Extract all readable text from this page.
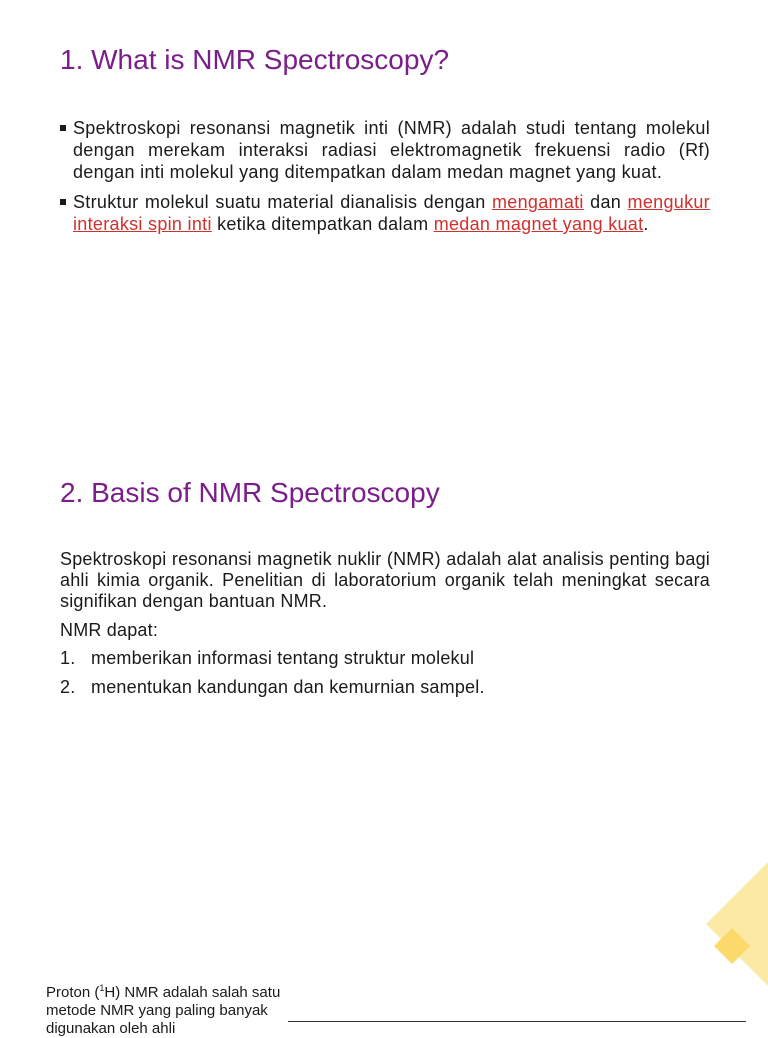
1. What is NMR Spectroscopy?
Spektroskopi resonansi magnetik inti (NMR) adalah studi tentang molekul dengan merekam interaksi radiasi elektromagnetik frekuensi radio (Rf) dengan inti molekul yang ditempatkan dalam medan magnet yang kuat.
Struktur molekul suatu material dianalisis dengan mengamati dan mengukur interaksi spin inti ketika ditempatkan dalam medan magnet yang kuat.
2. Basis of NMR Spectroscopy

Spektroskopi resonansi magnetik nuklir (NMR) adalah alat analisis penting bagi ahli kimia organik. Penelitian di laboratorium organik telah meningkat secara signifikan dengan bantuan NMR.

NMR dapat:

1. memberikan informasi tentang struktur molekul
2. menentukan kandungan dan kemurnian sampel.

Proton ($^1$H) NMR adalah salah satu metode NMR yang paling banyak digunakan oleh ahli
